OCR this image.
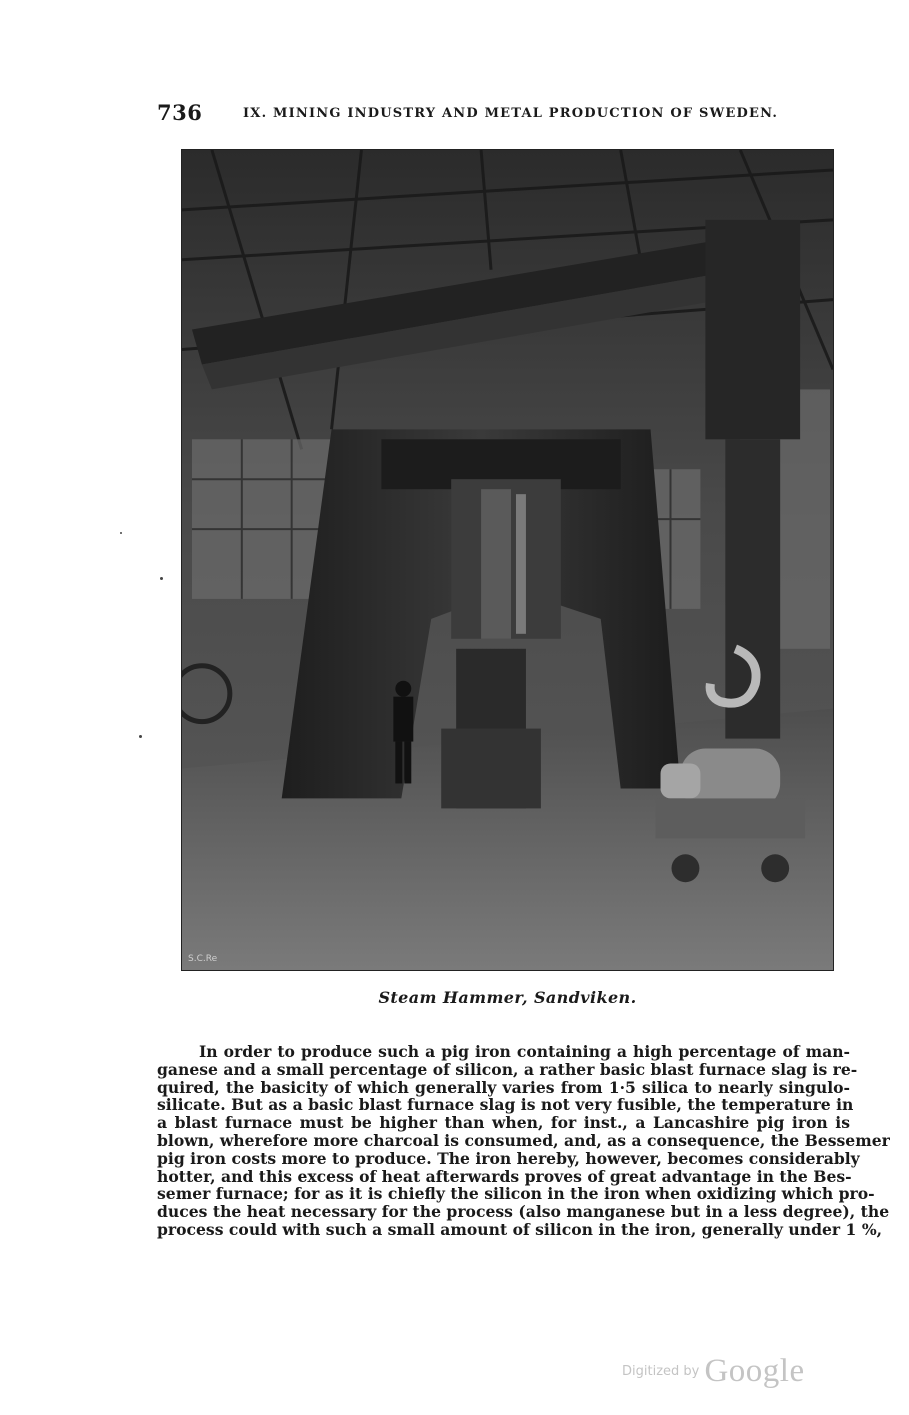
736	IX. MINING INDUSTRY AND METAL PRODUCTION OF SWEDEN.
S.C.Re
Steam Hammer, Sandviken.
In order to produce such a pig iron containing a high percentage of man-
ganese and a small percentage of silicon, a rather basic blast furnace slag is re-
quired, the basicity of which generally varies from 1·5 silica to nearly singulo-
silicate. But as a basic blast furnace slag is not very fusible, the temperature in
a blast furnace must be higher than when, for inst., a Lancashire pig iron is
blown, wherefore more charcoal is consumed, and, as a consequence, the Bessemer
pig iron costs more to produce. The iron hereby, however, becomes considerably
hotter, and this excess of heat afterwards proves of great advantage in the Bes-
semer furnace; for as it is chiefly the silicon in the iron when oxidizing which pro-
duces the heat necessary for the process (also manganese but in a less degree), the
process could with such a small amount of silicon in the iron, generally under 1 %,
Digitized by Google
